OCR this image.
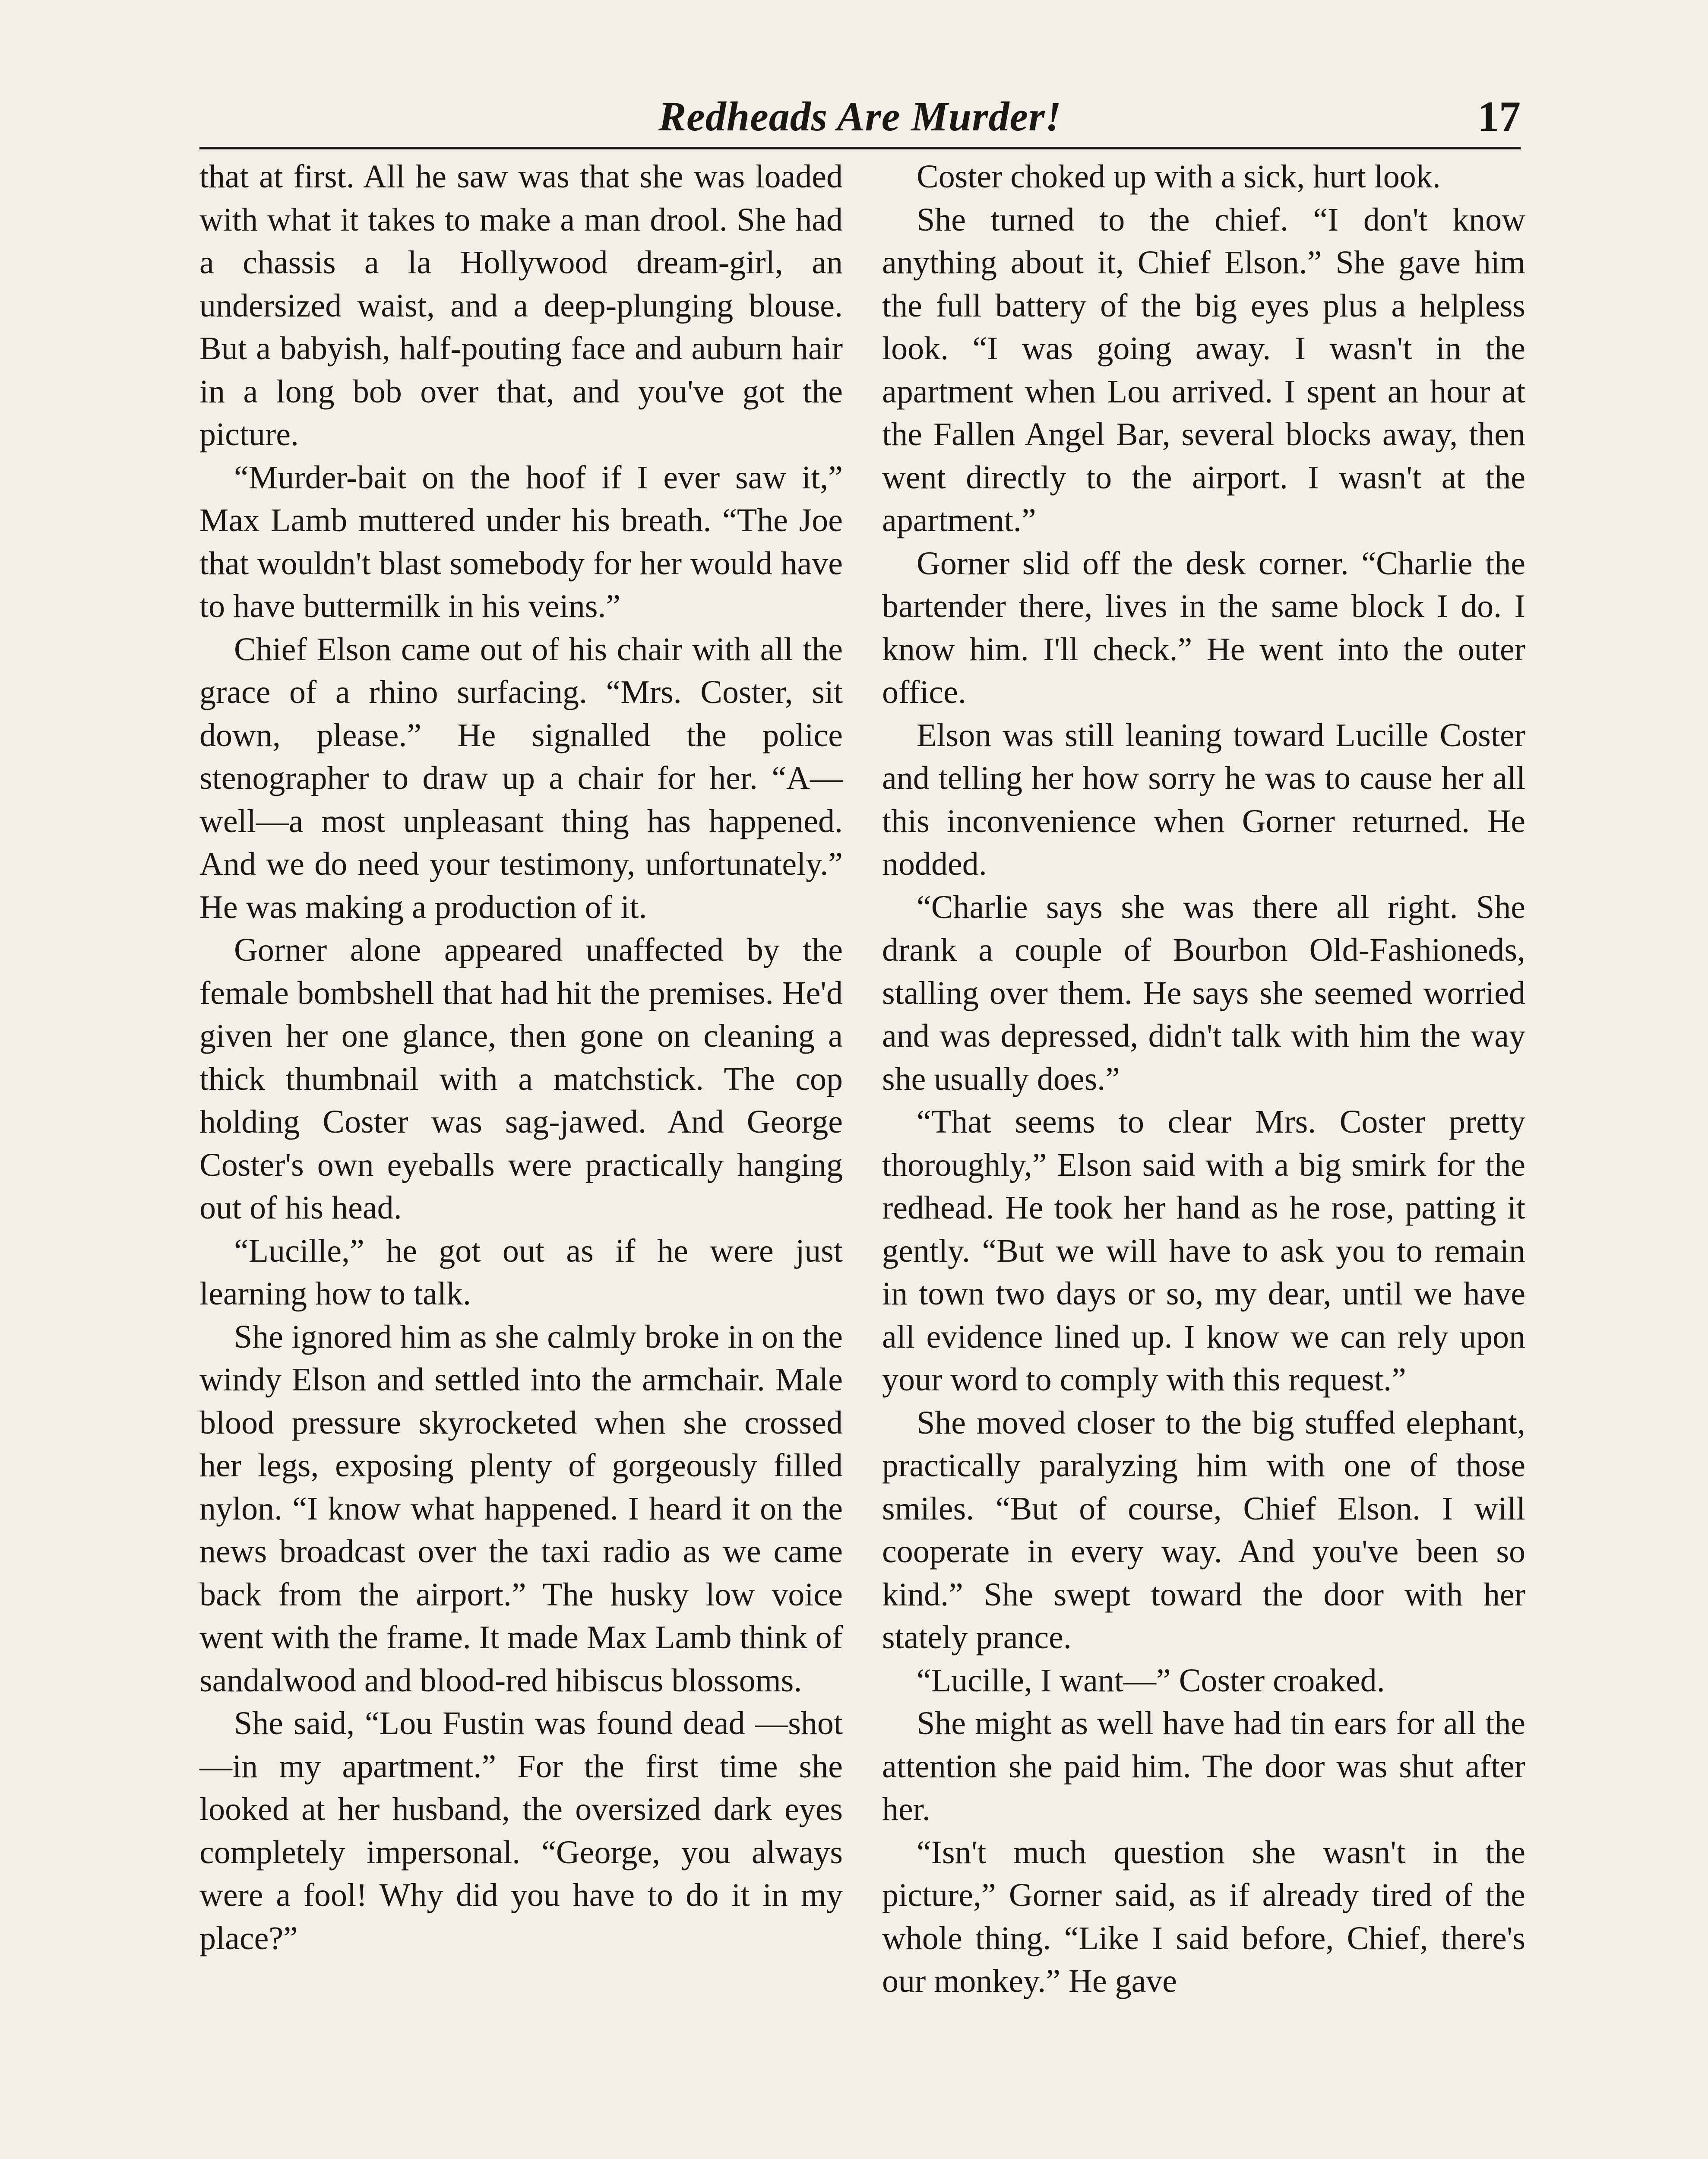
Redheads Are Murder!	17

that at first. All he saw was that she was loaded with what it takes to make a man drool. She had a chassis a la Hollywood dream-girl, an undersized waist, and a deep-plunging blouse. But a babyish, half-pouting face and auburn hair in a long bob over that, and you've got the picture.

“Murder-bait on the hoof if I ever saw it,” Max Lamb muttered under his breath. “The Joe that wouldn't blast somebody for her would have to have buttermilk in his veins.”

Chief Elson came out of his chair with all the grace of a rhino surfacing. “Mrs. Coster, sit down, please.” He signalled the police stenographer to draw up a chair for her. “A—well—a most unpleasant thing has happened. And we do need your testimony, unfortunately.” He was making a production of it.

Gorner alone appeared unaffected by the female bombshell that had hit the premises. He'd given her one glance, then gone on cleaning a thick thumbnail with a matchstick. The cop holding Coster was sag-jawed. And George Coster's own eyeballs were practically hanging out of his head.

“Lucille,” he got out as if he were just learning how to talk.

She ignored him as she calmly broke in on the windy Elson and settled into the armchair. Male blood pressure skyrocketed when she crossed her legs, exposing plenty of gorgeously filled nylon. “I know what happened. I heard it on the news broadcast over the taxi radio as we came back from the airport.” The husky low voice went with the frame. It made Max Lamb think of sandalwood and blood-red hibiscus blossoms.

She said, “Lou Fustin was found dead —shot—in my apartment.” For the first time she looked at her husband, the oversized dark eyes completely impersonal. “George, you always were a fool! Why did you have to do it in my place?”

Coster choked up with a sick, hurt look.

She turned to the chief. “I don't know anything about it, Chief Elson.” She gave him the full battery of the big eyes plus a helpless look. “I was going away. I wasn't in the apartment when Lou arrived. I spent an hour at the Fallen Angel Bar, several blocks away, then went directly to the airport. I wasn't at the apartment.”

Gorner slid off the desk corner. “Charlie the bartender there, lives in the same block I do. I know him. I'll check.” He went into the outer office.

Elson was still leaning toward Lucille Coster and telling her how sorry he was to cause her all this inconvenience when Gorner returned. He nodded.

“Charlie says she was there all right. She drank a couple of Bourbon Old-Fashioneds, stalling over them. He says she seemed worried and was depressed, didn't talk with him the way she usually does.”

“That seems to clear Mrs. Coster pretty thoroughly,” Elson said with a big smirk for the redhead. He took her hand as he rose, patting it gently. “But we will have to ask you to remain in town two days or so, my dear, until we have all evidence lined up. I know we can rely upon your word to comply with this request.”

She moved closer to the big stuffed elephant, practically paralyzing him with one of those smiles. “But of course, Chief Elson. I will cooperate in every way. And you've been so kind.” She swept toward the door with her stately prance.

“Lucille, I want—” Coster croaked.

She might as well have had tin ears for all the attention she paid him. The door was shut after her.

“Isn't much question she wasn't in the picture,” Gorner said, as if already tired of the whole thing. “Like I said before, Chief, there's our monkey.” He gave
